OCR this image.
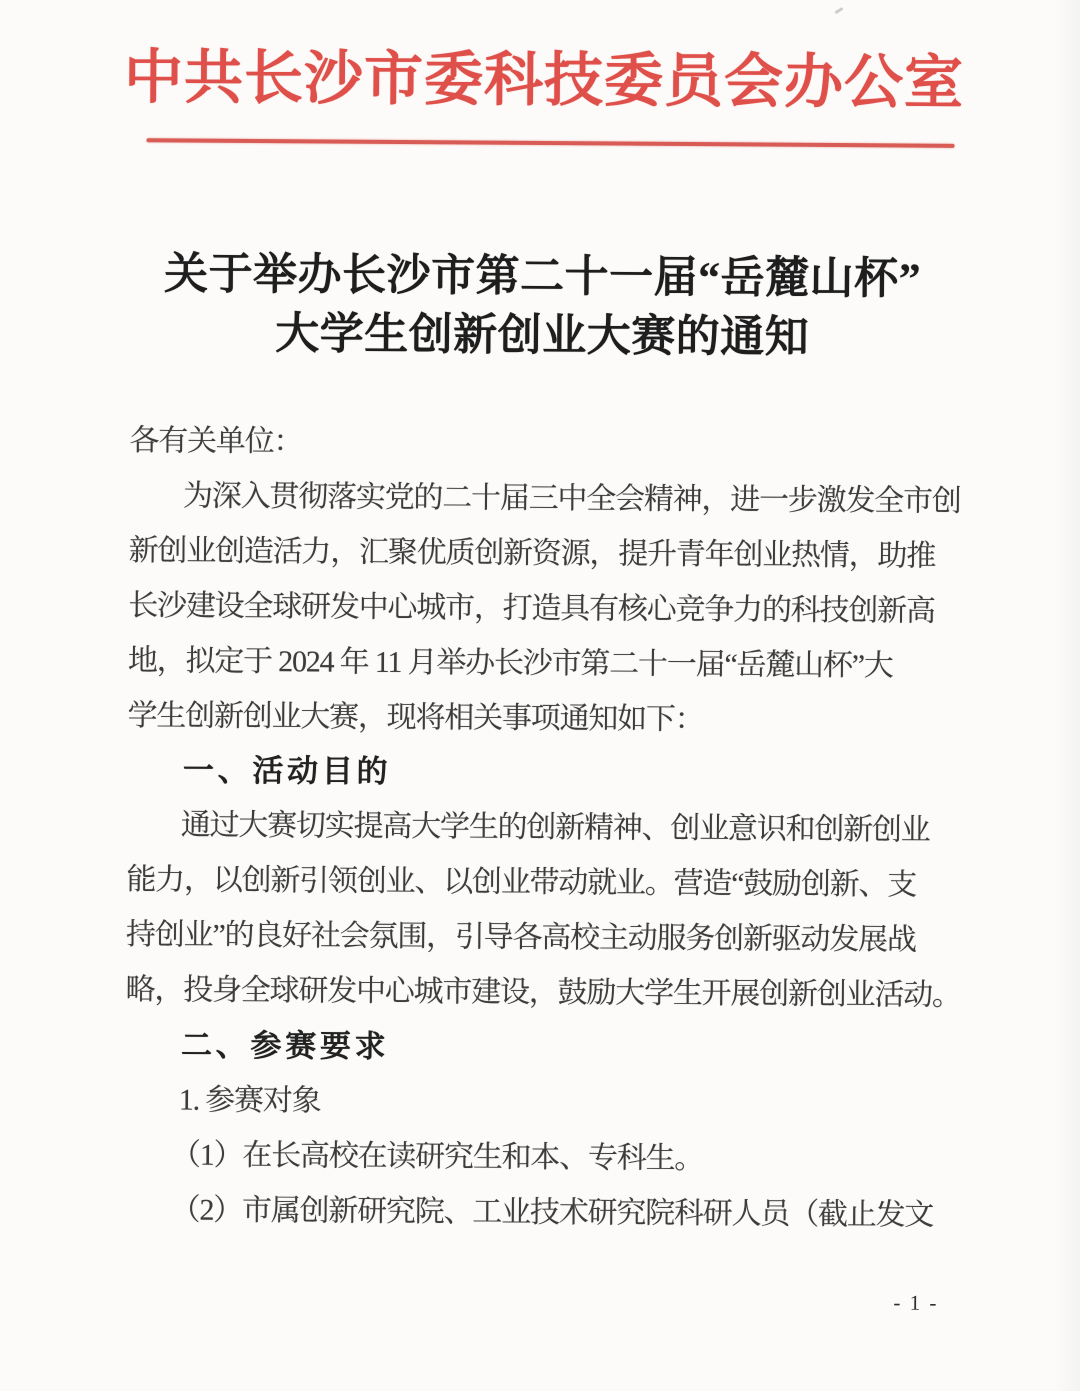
中共长沙市委科技委员会办公室
关于举办长沙市第二十一届“岳麓山杯”
大学生创新创业大赛的通知
各有关单位：
为深入贯彻落实党的二十届三中全会精神，进一步激发全市创
新创业创造活力，汇聚优质创新资源，提升青年创业热情，助推
长沙建设全球研发中心城市，打造具有核心竞争力的科技创新高
地，拟定于 2024 年 11 月举办长沙市第二十一届“岳麓山杯”大
学生创新创业大赛，现将相关事项通知如下：
一、活动目的
通过大赛切实提高大学生的创新精神、创业意识和创新创业
能力，以创新引领创业、以创业带动就业。营造“鼓励创新、支
持创业”的良好社会氛围，引导各高校主动服务创新驱动发展战
略，投身全球研发中心城市建设，鼓励大学生开展创新创业活动。
二、参赛要求
1. 参赛对象
（1）在长高校在读研究生和本、专科生。
（2）市属创新研究院、工业技术研究院科研人员（截止发文
- 1 -
